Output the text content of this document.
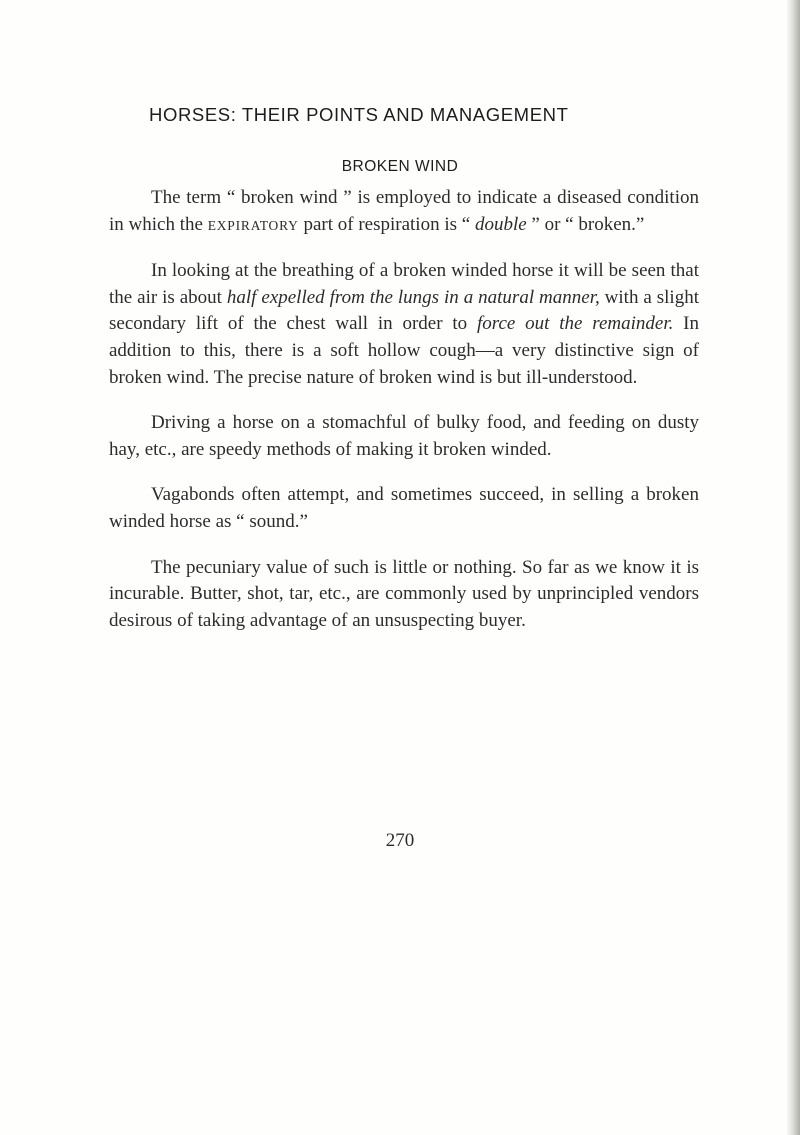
HORSES: THEIR POINTS AND MANAGEMENT
BROKEN WIND

The term “ broken wind ” is employed to indicate a diseased condition in which the EXPIRATORY part of respiration is “ double ” or “ broken.”

In looking at the breathing of a broken winded horse it will be seen that the air is about half expelled from the lungs in a natural manner, with a slight secondary lift of the chest wall in order to force out the remainder. In addition to this, there is a soft hollow cough—a very distinctive sign of broken wind. The precise nature of broken wind is but ill-understood.

Driving a horse on a stomachful of bulky food, and feeding on dusty hay, etc., are speedy methods of making it broken winded.

Vagabonds often attempt, and sometimes succeed, in selling a broken winded horse as “ sound.”

The pecuniary value of such is little or nothing. So far as we know it is incurable. Butter, shot, tar, etc., are commonly used by unprincipled vendors desirous of taking advantage of an unsuspecting buyer.

270
